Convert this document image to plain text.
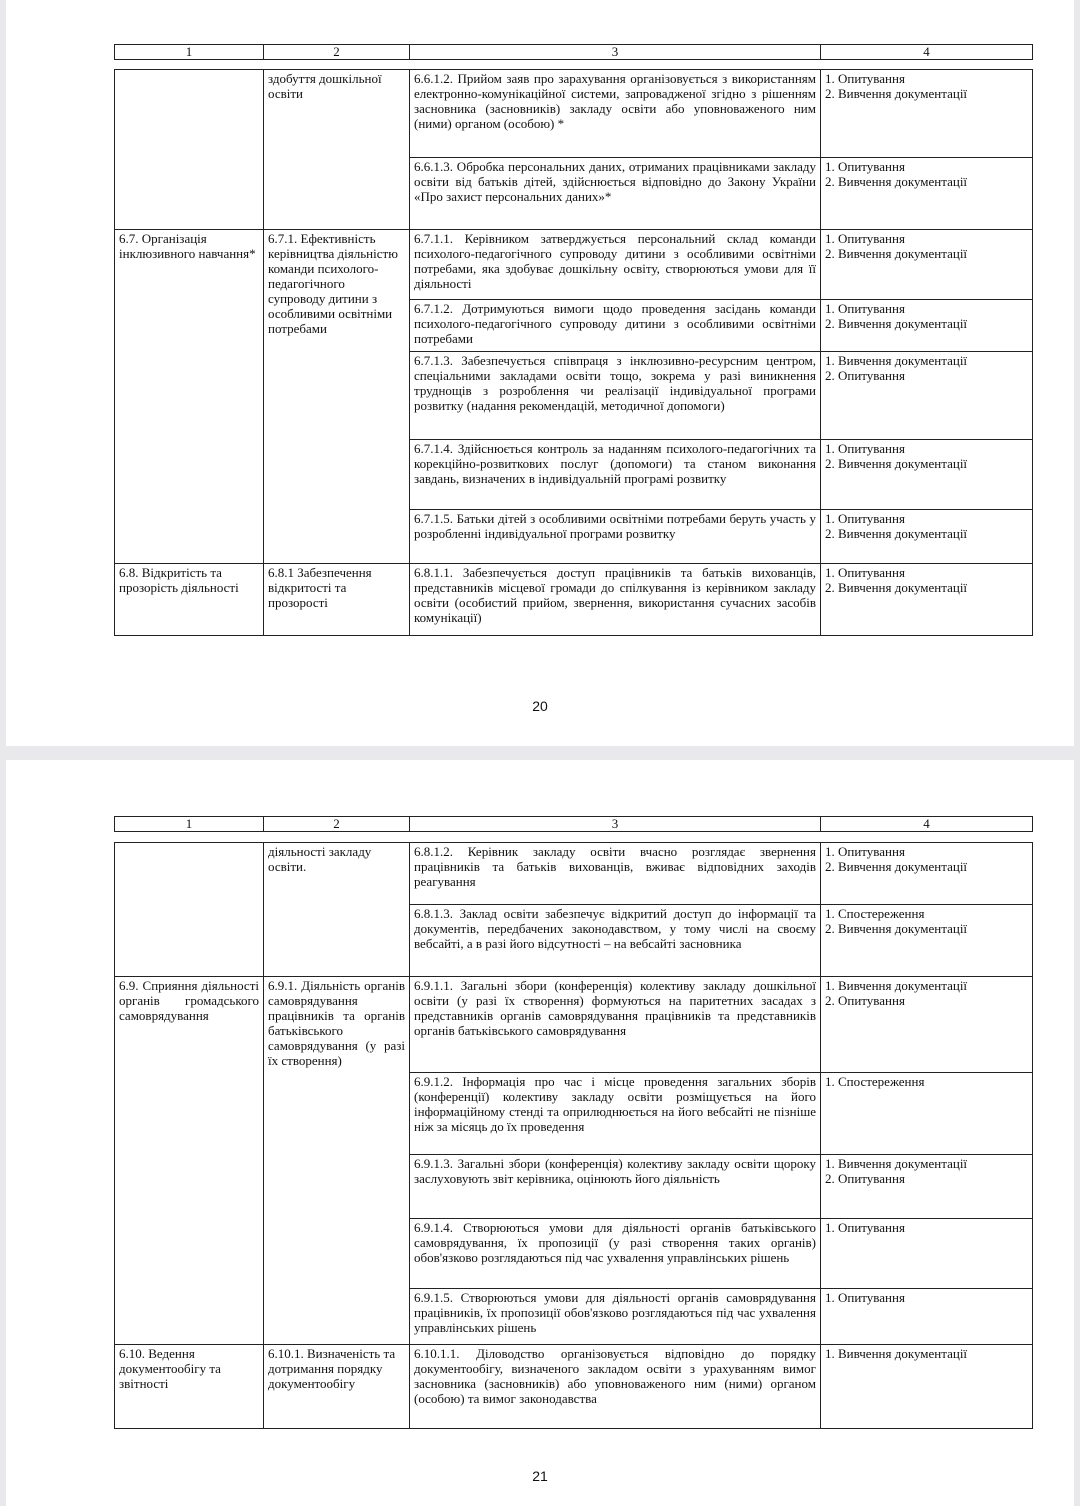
1	2	3	4
	здобуття дошкільної освіти	6.6.1.2. Прийом заяв про зарахування організовується з використанням електронно-комунікаційної системи, запровадженої згідно з рішенням засновника (засновників) закладу освіти або уповноваженого ним (ними) органом (особою) *	1. Опитування
2. Вивчення документації

		6.6.1.3. Обробка персональних даних, отриманих працівниками закладу освіти від батьків дітей, здійснюється відповідно до Закону України «Про захист персональних даних»*	1. Опитування
2. Вивчення документації

6.7. Організація інклюзивного навчання*	6.7.1. Ефективність керівництва діяльністю команди психолого-педагогічного супроводу дитини з особливими освітніми потребами	6.7.1.1. Керівником затверджується персональний склад команди психолого-педагогічного супроводу дитини з особливими освітніми потребами, яка здобуває дошкільну освіту, створюються умови для її діяльності	1. Опитування
2. Вивчення документації

		6.7.1.2. Дотримуються вимоги щодо проведення засідань команди психолого-педагогічного супроводу дитини з особливими освітніми потребами	1. Опитування
2. Вивчення документації

		6.7.1.3. Забезпечується співпраця з інклюзивно-ресурсним центром, спеціальними закладами освіти тощо, зокрема у разі виникнення труднощів з розроблення чи реалізації індивідуальної програми розвитку (надання рекомендацій, методичної допомоги)	1. Вивчення документації
2. Опитування

		6.7.1.4. Здійснюється контроль за наданням психолого-педагогічних та корекційно-розвиткових послуг (допомоги) та станом виконання завдань, визначених в індивідуальній програмі розвитку	1. Опитування
2. Вивчення документації

		6.7.1.5. Батьки дітей з особливими освітніми потребами беруть участь у розробленні індивідуальної програми розвитку	1. Опитування
2. Вивчення документації

6.8. Відкритість та прозорість діяльності	6.8.1 Забезпечення відкритості та прозорості	6.8.1.1. Забезпечується доступ працівників та батьків вихованців, представників місцевої громади до спілкування із керівником закладу освіти (особистий прийом, звернення, використання сучасних засобів комунікації)	1. Опитування
2. Вивчення документації
20
1	2	3	4
	діяльності закладу освіти.	6.8.1.2. Керівник закладу освіти вчасно розглядає звернення працівників та батьків вихованців, вживає відповідних заходів реагування	1. Опитування
2. Вивчення документації

		6.8.1.3. Заклад освіти забезпечує відкритий доступ до інформації та документів, передбачених законодавством, у тому числі на своєму вебсайті, а в разі його відсутності – на вебсайті засновника	1. Спостереження
2. Вивчення документації

6.9. Сприяння діяльності органів громадського самоврядування	6.9.1. Діяльність органів самоврядування працівників та органів батьківського самоврядування (у разі їх створення)	6.9.1.1. Загальні збори (конференція) колективу закладу дошкільної освіти (у разі їх створення) формуються на паритетних засадах з представників органів самоврядування працівників та представників органів батьківського самоврядування	1. Вивчення документації
2. Опитування

		6.9.1.2. Інформація про час і місце проведення загальних зборів (конференції) колективу закладу освіти розміщується на його інформаційному стенді та оприлюднюється на його вебсайті не пізніше ніж за місяць до їх проведення	1. Спостереження

		6.9.1.3. Загальні збори (конференція) колективу закладу освіти щороку заслуховують звіт керівника, оцінюють його діяльність	1. Вивчення документації
2. Опитування

		6.9.1.4. Створюються умови для діяльності органів батьківського самоврядування, їх пропозиції (у разі створення таких органів) обов'язково розглядаються під час ухвалення управлінських рішень	1. Опитування

		6.9.1.5. Створюються умови для діяльності органів самоврядування працівників, їх пропозиції обов'язково розглядаються під час ухвалення управлінських рішень	1. Опитування

6.10. Ведення документообігу та звітності	6.10.1. Визначеність та дотримання порядку документообігу	6.10.1.1. Діловодство організовується відповідно до порядку документообігу, визначеного закладом освіти з урахуванням вимог засновника (засновників) або уповноваженого ним (ними) органом (особою) та вимог законодавства	1. Вивчення документації
21
